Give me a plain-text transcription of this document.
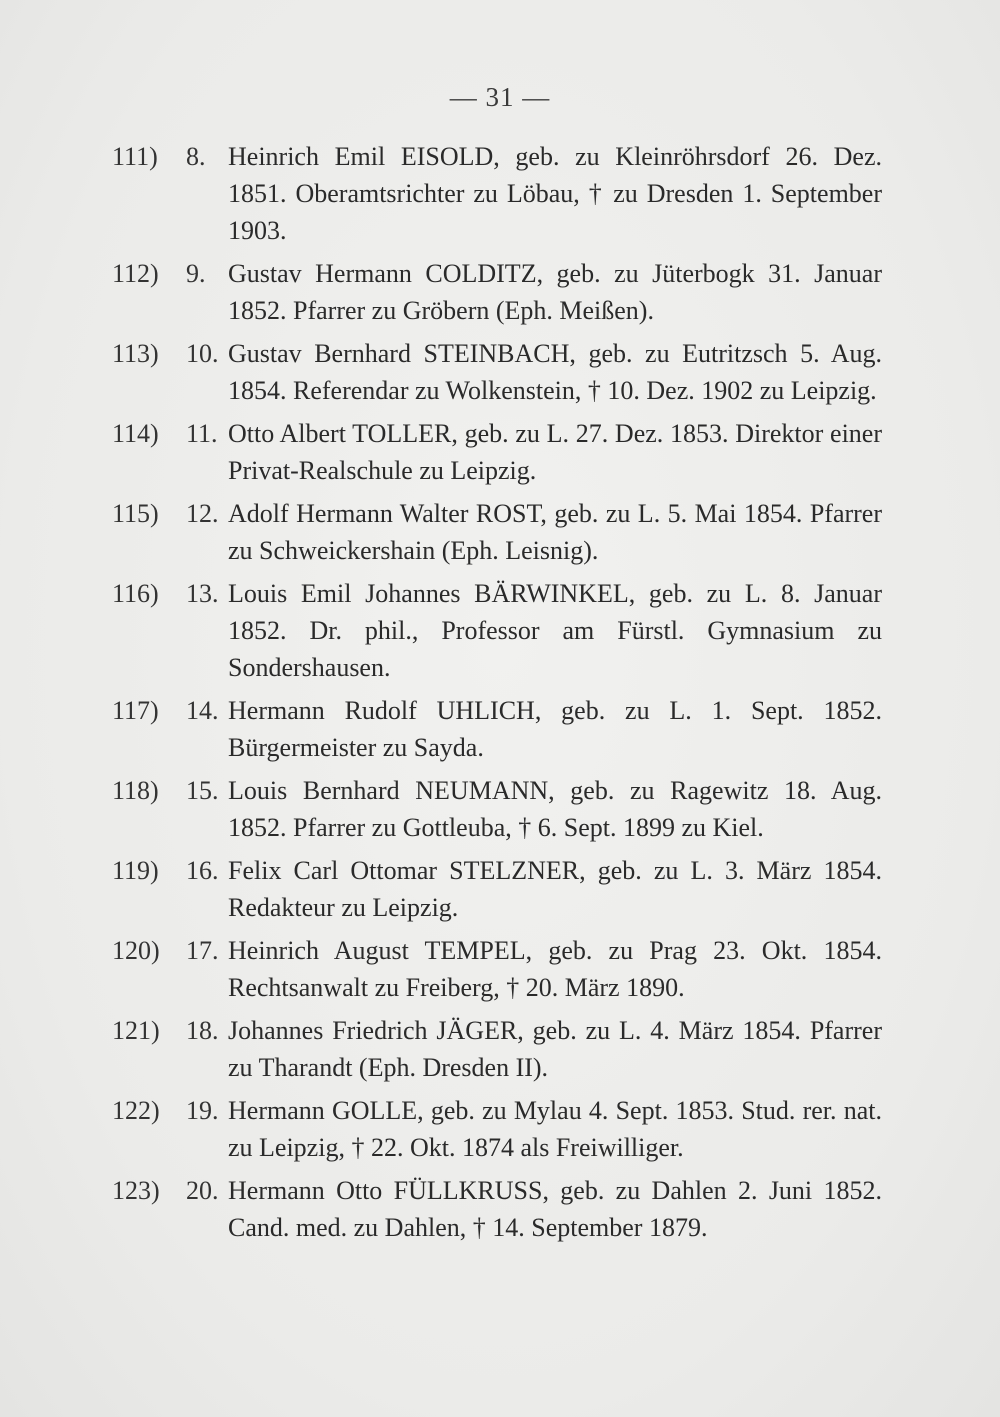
— 31 —
111) 8. Heinrich Emil EISOLD, geb. zu Kleinröhrsdorf 26. Dez. 1851. Oberamtsrichter zu Löbau, † zu Dresden 1. September 1903.
112) 9. Gustav Hermann COLDITZ, geb. zu Jüterbogk 31. Januar 1852. Pfarrer zu Gröbern (Eph. Meißen).
113) 10. Gustav Bernhard STEINBACH, geb. zu Eutritzsch 5. Aug. 1854. Referendar zu Wolkenstein, † 10. Dez. 1902 zu Leipzig.
114) 11. Otto Albert TOLLER, geb. zu L. 27. Dez. 1853. Direktor einer Privat-Realschule zu Leipzig.
115) 12. Adolf Hermann Walter ROST, geb. zu L. 5. Mai 1854. Pfarrer zu Schweickershain (Eph. Leisnig).
116) 13. Louis Emil Johannes BÄRWINKEL, geb. zu L. 8. Januar 1852. Dr. phil., Professor am Fürstl. Gymnasium zu Sondershausen.
117) 14. Hermann Rudolf UHLICH, geb. zu L. 1. Sept. 1852. Bürgermeister zu Sayda.
118) 15. Louis Bernhard NEUMANN, geb. zu Ragewitz 18. Aug. 1852. Pfarrer zu Gottleuba, † 6. Sept. 1899 zu Kiel.
119) 16. Felix Carl Ottomar STELZNER, geb. zu L. 3. März 1854. Redakteur zu Leipzig.
120) 17. Heinrich August TEMPEL, geb. zu Prag 23. Okt. 1854. Rechtsanwalt zu Freiberg, † 20. März 1890.
121) 18. Johannes Friedrich JÄGER, geb. zu L. 4. März 1854. Pfarrer zu Tharandt (Eph. Dresden II).
122) 19. Hermann GOLLE, geb. zu Mylau 4. Sept. 1853. Stud. rer. nat. zu Leipzig, † 22. Okt. 1874 als Freiwilliger.
123) 20. Hermann Otto FÜLLKRUSS, geb. zu Dahlen 2. Juni 1852. Cand. med. zu Dahlen, † 14. September 1879.
